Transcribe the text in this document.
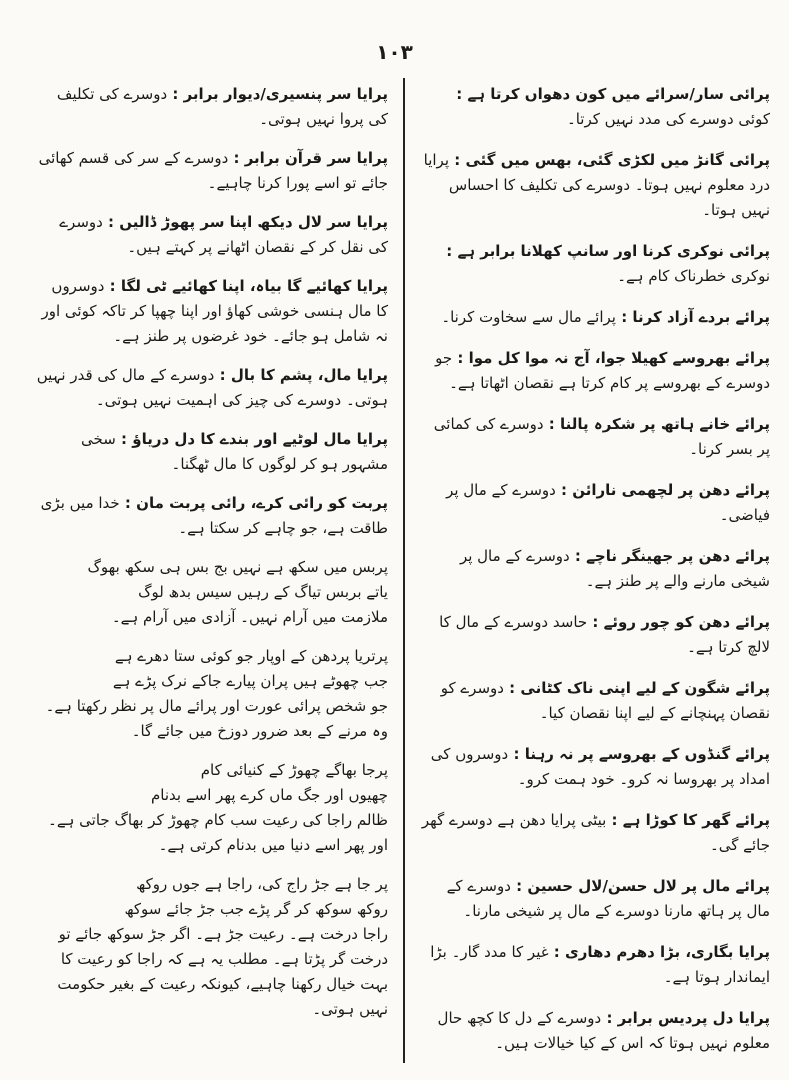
١٠٣
پرائی سار/سرائے میں کون دھواں کرتا ہے : کوئی دوسرے کی مدد نہیں کرتا۔
پرائی گانڑ میں لکڑی گئی، بھس میں گئی : پرایا درد معلوم نہیں ہوتا۔ دوسرے کی تکلیف کا احساس نہیں ہوتا۔
پرائی نوکری کرنا اور سانپ کھلانا برابر ہے : نوکری خطرناک کام ہے۔
پرائے بردے آزاد کرنا : پرائے مال سے سخاوت کرنا۔
پرائے بھروسے کھیلا جوا، آج نہ موا کل موا : جو دوسرے کے بھروسے پر کام کرتا ہے نقصان اٹھاتا ہے۔
پرائے خانے ہاتھ پر شکرہ پالنا : دوسرے کی کمائی پر بسر کرنا۔
پرائے دھن پر لچھمی نارائن : دوسرے کے مال پر فیاضی۔
پرائے دھن پر جھینگر ناچے : دوسرے کے مال پر شیخی مارنے والے پر طنز ہے۔
پرائے دھن کو چور روئے : حاسد دوسرے کے مال کا لالچ کرتا ہے۔
پرائے شگون کے لیے اپنی ناک کٹانی : دوسرے کو نقصان پہنچانے کے لیے اپنا نقصان کیا۔
پرائے گنڈوں کے بھروسے پر نہ رہنا : دوسروں کی امداد پر بھروسا نہ کرو۔ خود ہمت کرو۔
پرائے گھر کا کوڑا ہے : بیٹی پرایا دھن ہے دوسرے گھر جائے گی۔
پرائے مال پر لال حسن/لال حسین : دوسرے کے مال پر ہاتھ مارنا دوسرے کے مال پر شیخی مارنا۔
پرایا بگاری، بڑا دھرم دھاری : غیر کا مدد گار۔ بڑا ایماندار ہوتا ہے۔
پرایا دل پردیس برابر : دوسرے کے دل کا کچھ حال معلوم نہیں ہوتا کہ اس کے کیا خیالات ہیں۔
پرایا سر پنسیری/دیوار برابر : دوسرے کی تکلیف کی پروا نہیں ہوتی۔
پرایا سر قرآن برابر : دوسرے کے سر کی قسم کھائی جائے تو اسے پورا کرنا چاہیے۔
پرایا سر لال دیکھ اپنا سر پھوڑ ڈالیں : دوسرے کی نقل کر کے نقصان اٹھانے پر کہتے ہیں۔
پرایا کھائیے گا بیاہ، اپنا کھائیے ٹی لگا : دوسروں کا مال ہنسی خوشی کھاؤ اور اپنا چھپا کر تاکہ کوئی اور نہ شامل ہو جائے۔ خود غرضوں پر طنز ہے۔
پرایا مال، پشم کا بال : دوسرے کے مال کی قدر نہیں ہوتی۔ دوسرے کی چیز کی اہمیت نہیں ہوتی۔
پرایا مال لوٹیے اور بندے کا دل دریاؤ : سخی مشہور ہو کر لوگوں کا مال ٹھگنا۔
پربت کو رائی کرے، رائی پربت مان : خدا میں بڑی طاقت ہے، جو چاہے کر سکتا ہے۔
پربس میں سکھ ہے نہیں بج بس ہی سکھ بھوگ
یاتے بربس تیاگ کے رہیں سیس بدھ لوگ
ملازمت میں آرام نہیں۔ آزادی میں آرام ہے۔
پرتریا پردھن کے اوپار جو کوئی ستا دھرے ہے
جب چھوٹے ہیں پران پیارے جاکے نرک پڑے ہے
جو شخص پرائی عورت اور پرائے مال پر نظر رکھتا ہے۔ وہ مرنے کے بعد ضرور دوزخ میں جائے گا۔
پرجا بھاگے چھوڑ کے کنیائی کام
چھیوں اور جگ ماں کرے پھر اسے بدنام
ظالم راجا کی رعیت سب کام چھوڑ کر بھاگ جاتی ہے۔ اور پھر اسے دنیا میں بدنام کرتی ہے۔
پر جا ہے جڑ راج کی، راجا ہے جوں روکھ
روکھ سوکھ کر گر پڑے جب جڑ جائے سوکھ
راجا درخت ہے۔ رعیت جڑ ہے۔ اگر جڑ سوکھ جائے تو درخت گر پڑتا ہے۔ مطلب یہ ہے کہ راجا کو رعیت کا بہت خیال رکھنا چاہیے، کیونکہ رعیت کے بغیر حکومت نہیں ہوتی۔
